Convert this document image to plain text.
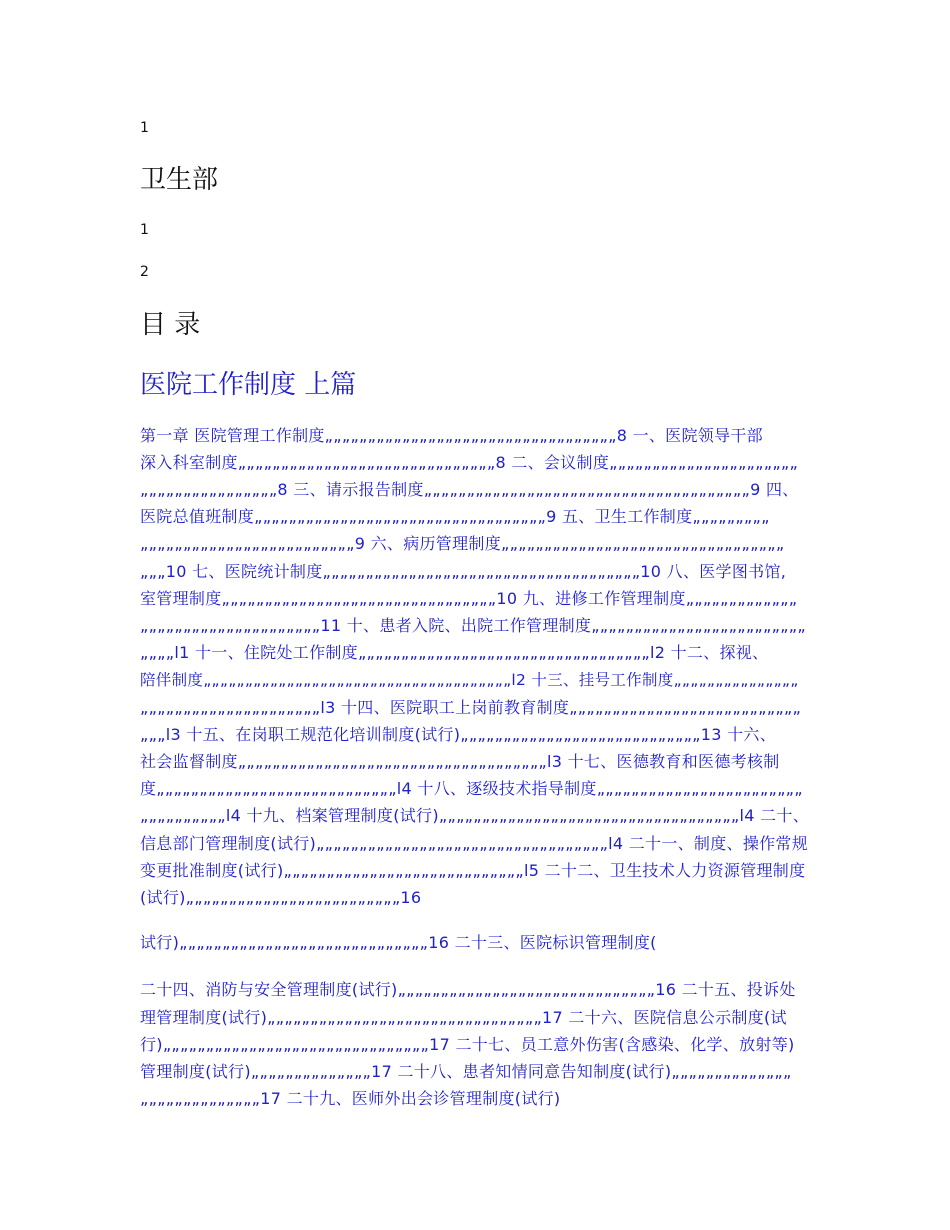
1
卫生部
1
2
目 录
医院工作制度 上篇
第一章 医院管理工作制度„„„„„„„„„„„„„„„„„„„„„„„„„„„„„„„„„„8 一、医院领导干部
深入科室制度„„„„„„„„„„„„„„„„„„„„„„„„„„„„„„8 二、会议制度„„„„„„„„„„„„„„„„„„„„„„
„„„„„„„„„„„„„„„„8 三、请示报告制度„„„„„„„„„„„„„„„„„„„„„„„„„„„„„„„„„„„„„„9 四、
医院总值班制度„„„„„„„„„„„„„„„„„„„„„„„„„„„„„„„„„„9 五、卫生工作制度„„„„„„„„„
„„„„„„„„„„„„„„„„„„„„„„„„„9 六、病历管理制度„„„„„„„„„„„„„„„„„„„„„„„„„„„„„„„„„
„„„10 七、医院统计制度„„„„„„„„„„„„„„„„„„„„„„„„„„„„„„„„„„„„„10 八、医学图书馆,
室管理制度„„„„„„„„„„„„„„„„„„„„„„„„„„„„„„„„10 九、进修工作管理制度„„„„„„„„„„„„„
„„„„„„„„„„„„„„„„„„„„„11 十、患者入院、出院工作管理制度„„„„„„„„„„„„„„„„„„„„„„„„„
„„„„l1 十一、住院处工作制度„„„„„„„„„„„„„„„„„„„„„„„„„„„„„„„„„„l2 十二、探视、
陪伴制度„„„„„„„„„„„„„„„„„„„„„„„„„„„„„„„„„„„„„l2 十三、挂号工作制度„„„„„„„„„„„„„„„
„„„„„„„„„„„„„„„„„„„„„l3 十四、医院职工上岗前教育制度„„„„„„„„„„„„„„„„„„„„„„„„„„„
„„„l3 十五、在岗职工规范化培训制度(试行)„„„„„„„„„„„„„„„„„„„„„„„„„„„„13 十六、
社会监督制度„„„„„„„„„„„„„„„„„„„„„„„„„„„„„„„„„„„„l3 十七、医德教育和医德考核制
度„„„„„„„„„„„„„„„„„„„„„„„„„„„„l4 十八、逐级技术指导制度„„„„„„„„„„„„„„„„„„„„„„„„
„„„„„„„„„„l4 十九、档案管理制度(试行)„„„„„„„„„„„„„„„„„„„„„„„„„„„„„„„„„„„l4 二十、
信息部门管理制度(试行)„„„„„„„„„„„„„„„„„„„„„„„„„„„„„„„„„„l4 二十一、制度、操作常规
变更批准制度(试行)„„„„„„„„„„„„„„„„„„„„„„„„„„„„l5 二十二、卫生技术人力资源管理制度
(试行)„„„„„„„„„„„„„„„„„„„„„„„„„16
试行)„„„„„„„„„„„„„„„„„„„„„„„„„„„„„16 二十三、医院标识管理制度(
二十四、消防与安全管理制度(试行)„„„„„„„„„„„„„„„„„„„„„„„„„„„„„„16 二十五、投诉处
理管理制度(试行)„„„„„„„„„„„„„„„„„„„„„„„„„„„„„„„„17 二十六、医院信息公示制度(试
行)„„„„„„„„„„„„„„„„„„„„„„„„„„„„„„„17 二十七、员工意外伤害(含感染、化学、放射等)
管理制度(试行)„„„„„„„„„„„„„„17 二十八、患者知情同意告知制度(试行)„„„„„„„„„„„„„„
„„„„„„„„„„„„„„17 二十九、医师外出会诊管理制度(试行)
